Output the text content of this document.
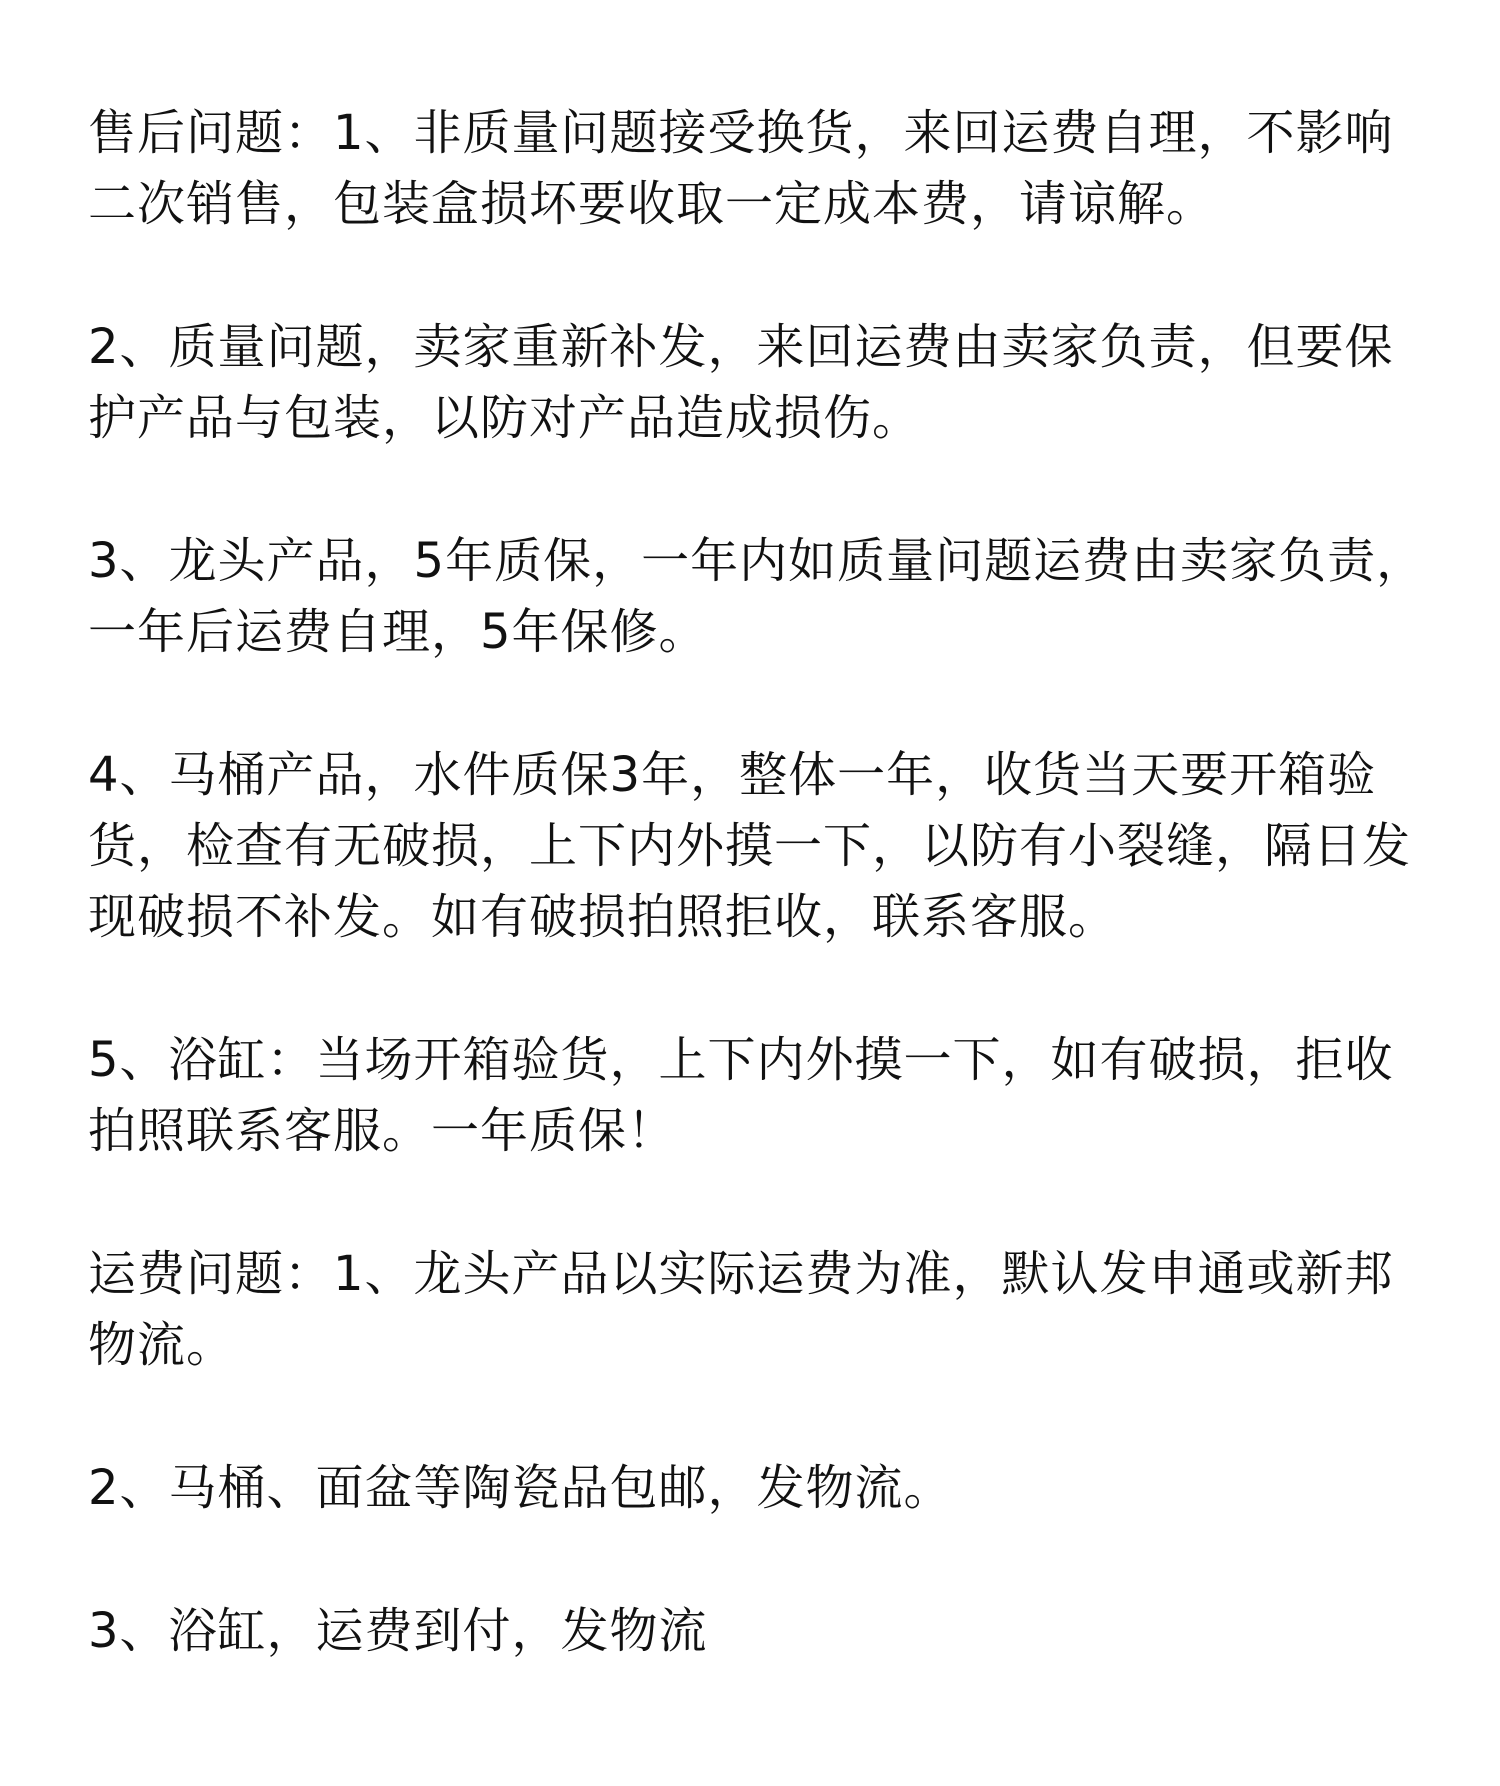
售后问题：1、非质量问题接受换货，来回运费自理，不影响二次销售，包装盒损坏要收取一定成本费，请谅解。

2、质量问题，卖家重新补发，来回运费由卖家负责，但要保护产品与包装，以防对产品造成损伤。

3、龙头产品，5年质保，一年内如质量问题运费由卖家负责，一年后运费自理，5年保修。

4、马桶产品，水件质保3年，整体一年，收货当天要开箱验货，检查有无破损，上下内外摸一下，以防有小裂缝，隔日发现破损不补发。如有破损拍照拒收，联系客服。

5、浴缸：当场开箱验货，上下内外摸一下，如有破损，拒收拍照联系客服。一年质保！

运费问题：1、龙头产品以实际运费为准，默认发申通或新邦物流。

2、马桶、面盆等陶瓷品包邮，发物流。

3、浴缸，运费到付，发物流
